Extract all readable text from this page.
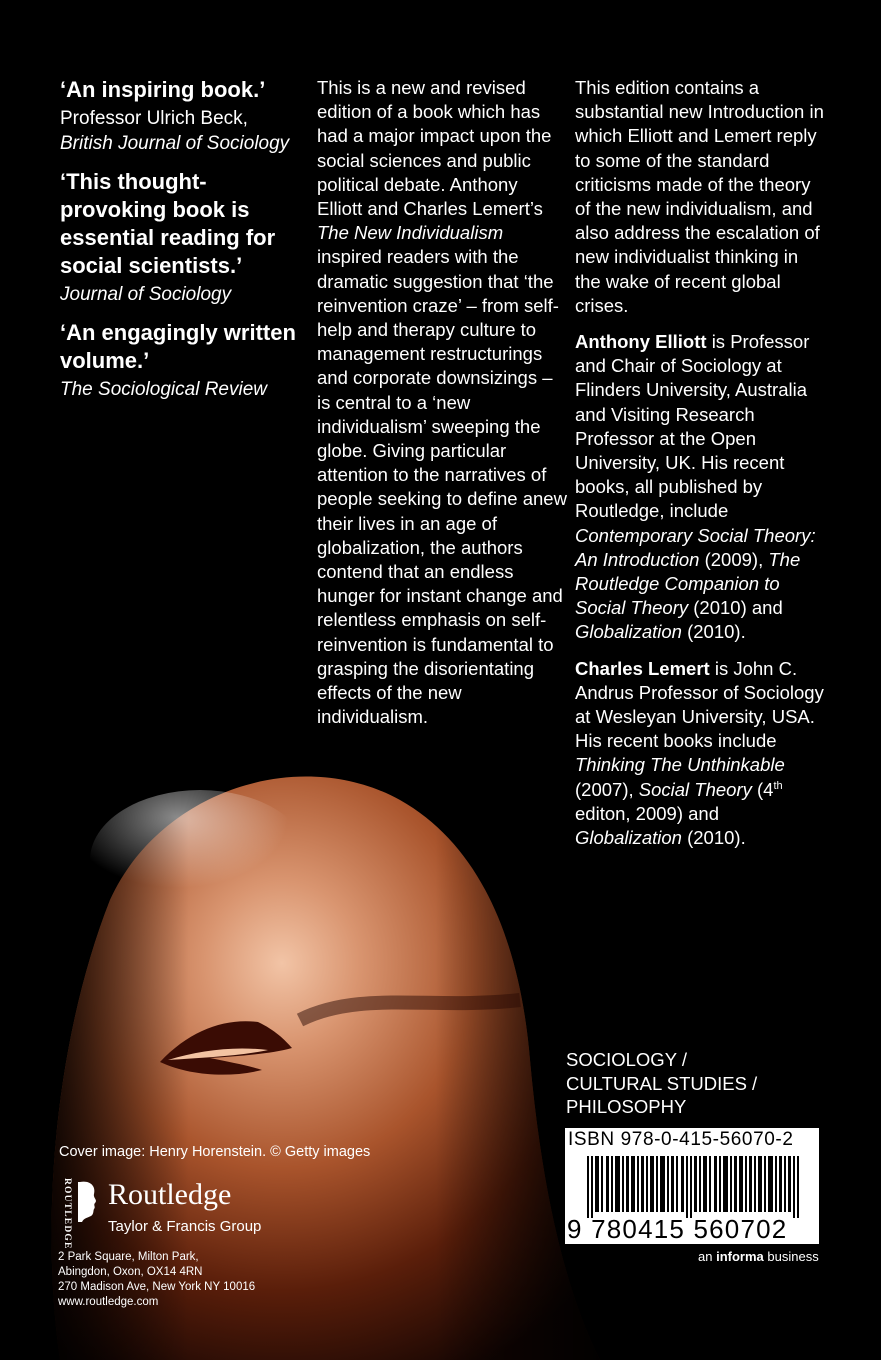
‘An inspiring book.’

Professor Ulrich Beck,
British Journal of Sociology

‘This thought-provoking book is essential reading for social scientists.’

Journal of Sociology

‘An engagingly written volume.’

The Sociological Review

This is a new and revised edition of a book which has had a major impact upon the social sciences and public political debate. Anthony Elliott and Charles Lemert’s The New Individualism inspired readers with the dramatic suggestion that ‘the reinvention craze’ – from self-help and therapy culture to management restructurings and corporate downsizings – is central to a ‘new individualism’ sweeping the globe. Giving particular attention to the narratives of people seeking to define anew their lives in an age of globalization, the authors contend that an endless hunger for instant change and relentless emphasis on self-reinvention is fundamental to grasping the disorientating effects of the new individualism.

This edition contains a substantial new Introduction in which Elliott and Lemert reply to some of the standard criticisms made of the theory of the new individualism, and also address the escalation of new individualist thinking in the wake of recent global crises.

Anthony Elliott is Professor and Chair of Sociology at Flinders University, Australia and Visiting Research Professor at the Open University, UK. His recent books, all published by Routledge, include Contemporary Social Theory: An Introduction (2009), The Routledge Companion to Social Theory (2010) and Globalization (2010).

Charles Lemert is John C. Andrus Professor of Sociology at Wesleyan University, USA. His recent books include Thinking The Unthinkable (2007), Social Theory (4th editon, 2009) and Globalization (2010).

SOCIOLOGY /
CULTURAL STUDIES /
PHILOSOPHY
ISBN 978-0-415-56070-2
9 780415 560702
an informa business
Cover image: Henry Horenstein. © Getty images
ROUTLEDGE Routledge
Taylor & Francis Group
2 Park Square, Milton Park,
Abingdon, Oxon, OX14 4RN
270 Madison Ave, New York NY 10016
www.routledge.com
